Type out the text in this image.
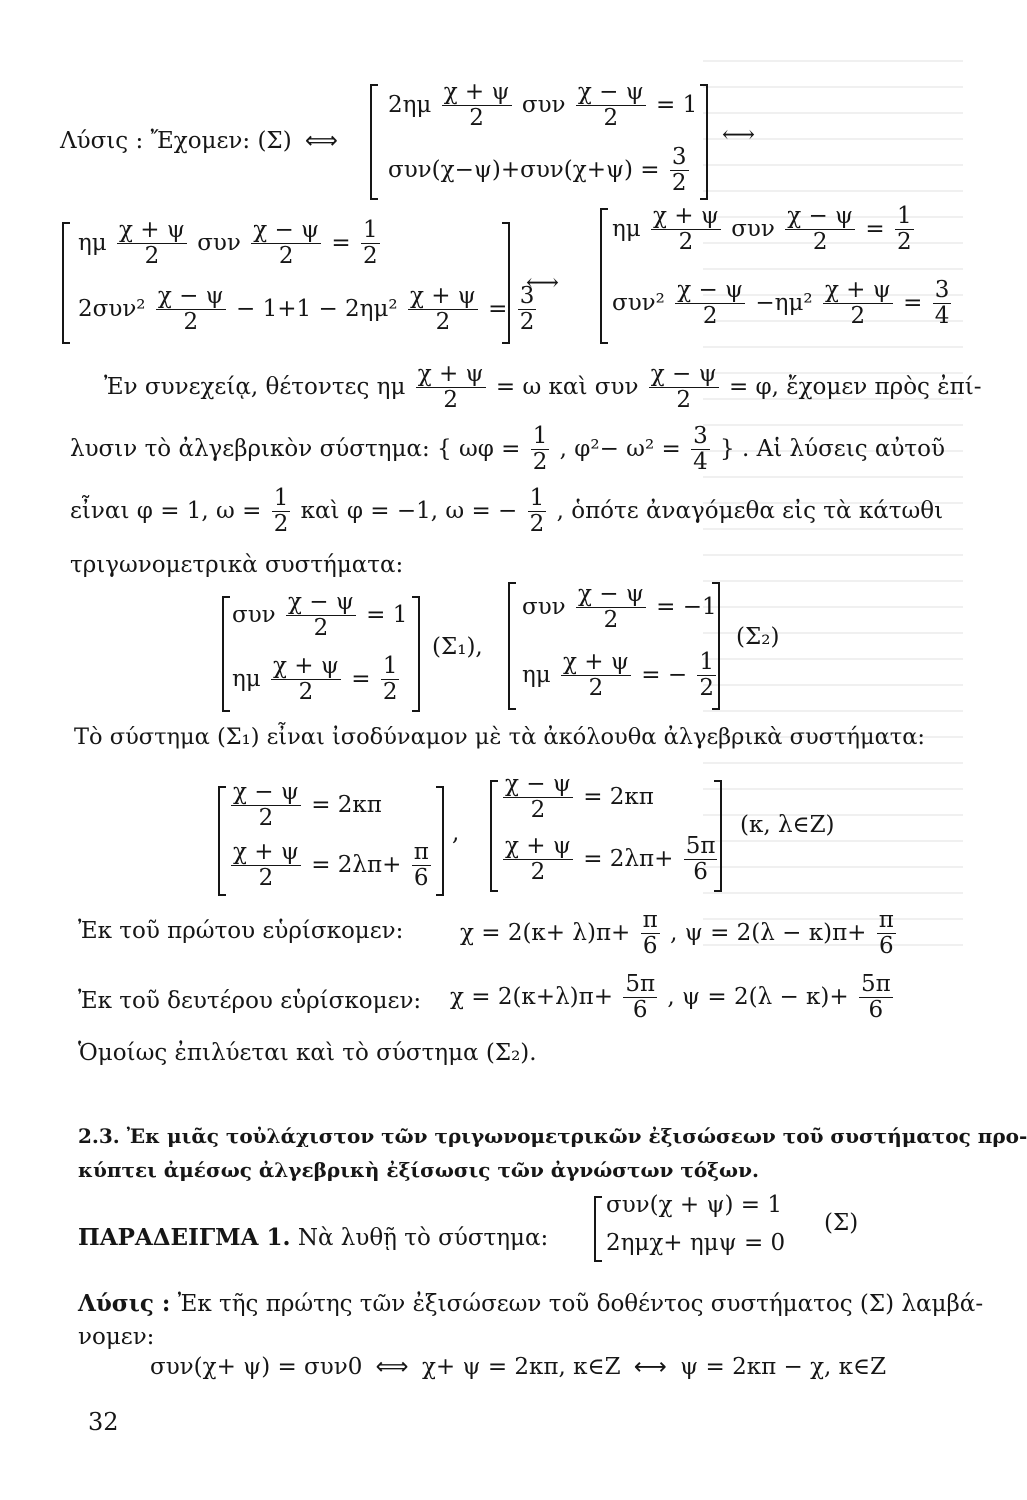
Λύσις : Ἔχομεν: (Σ) ⟺
$2\eta\mu \frac{\chi + \psi}{2}$ συν $\frac{\chi - \psi}{2} = 1$
$\sigma\upsilon\nu(\chi-\psi)+\sigma\upsilon\nu(\chi+\psi) = \frac{3}{2}$
⟷
ημ $\frac{\chi + \psi}{2}$ συν $\frac{\chi - \psi}{2} = \frac{1}{2}$
$2\sigma\upsilon\nu^2 \frac{\chi - \psi}{2} - 1+1 - 2\eta\mu^2 \frac{\chi + \psi}{2} = \frac{3}{2}$
⟷
ημ $\frac{\chi + \psi}{2}$ συν $\frac{\chi - \psi}{2} = \frac{1}{2}$
$\sigma\upsilon\nu^2 \frac{\chi - \psi}{2} -\eta\mu^2 \frac{\chi + \psi}{2} = \frac{3}{4}$
Ἐν συνεχείᾳ, θέτοντες ημ $\frac{\chi + \psi}{2} = \omega$ καὶ συν $\frac{\chi - \psi}{2} = \varphi$, ἔχομεν πρὸς ἐπί-
λυσιν τὸ ἀλγεβρικὸν σύστημα: { $\omega\varphi = \frac{1}{2}$ , $\varphi^2- \omega^2 = \frac{3}{4}$ } . Αἱ λύσεις αὐτοῦ
εἶναι φ = 1, $\omega = \frac{1}{2}$ καὶ φ = −1, ω = − $\frac{1}{2}$ , ὁπότε ἀναγόμεθα εἰς τὰ κάτωθι
τριγωνομετρικὰ συστήματα:
συν $\frac{\chi - \psi}{2} = 1$
ημ $\frac{\chi + \psi}{2} = \frac{1}{2}$
(Σ₁),
συν $\frac{\chi - \psi}{2} = -1$
ημ $\frac{\chi + \psi}{2}$ = − $\frac{1}{2}$
(Σ₂)
Τὸ σύστημα (Σ₁) εἶναι ἰσοδύναμον μὲ τὰ ἀκόλουθα ἀλγεβρικὰ συστήματα:
$\frac{\chi - \psi}{2} = 2\kappa\pi$
$\frac{\chi + \psi}{2} = 2\lambda\pi+ \frac{\pi}{6}$
,
$\frac{\chi - \psi}{2} = 2\kappa\pi$
$\frac{\chi + \psi}{2} = 2\lambda\pi+ \frac{5\pi}{6}$
(κ, λ∈Z)
Ἐκ τοῦ πρώτου εὑρίσκομεν: $\chi = 2(\kappa+ \lambda)\pi+ \frac{\pi}{6}$ , $\psi = 2(\lambda - \kappa)\pi+ \frac{\pi}{6}$
Ἐκ τοῦ δευτέρου εὑρίσκομεν: $\chi = 2(\kappa+\lambda)\pi+ \frac{5\pi}{6}$ , $\psi = 2(\lambda - \kappa)+ \frac{5\pi}{6}$
Ὁμοίως ἐπιλύεται καὶ τὸ σύστημα (Σ₂).
2.3. Ἐκ μιᾶς τοὐλάχιστον τῶν τριγωνομετρικῶν ἐξισώσεων τοῦ συστήματος προ-
κύπτει ἀμέσως ἀλγεβρικὴ ἐξίσωσις τῶν ἀγνώστων τόξων.
ΠΑΡΑΔΕΙΓΜΑ 1. Νὰ λυθῇ τὸ σύστημα:
συν(χ + ψ) = 1
2ημχ+ ημψ = 0
(Σ)
Λύσις : Ἐκ τῆς πρώτης τῶν ἐξισώσεων τοῦ δοθέντος συστήματος (Σ) λαμβά-
νομεν:
συν(χ+ ψ) = συν0 ⟺ χ+ ψ = 2κπ, κ∈Z ⟷ ψ = 2κπ − χ, κ∈Z
32
